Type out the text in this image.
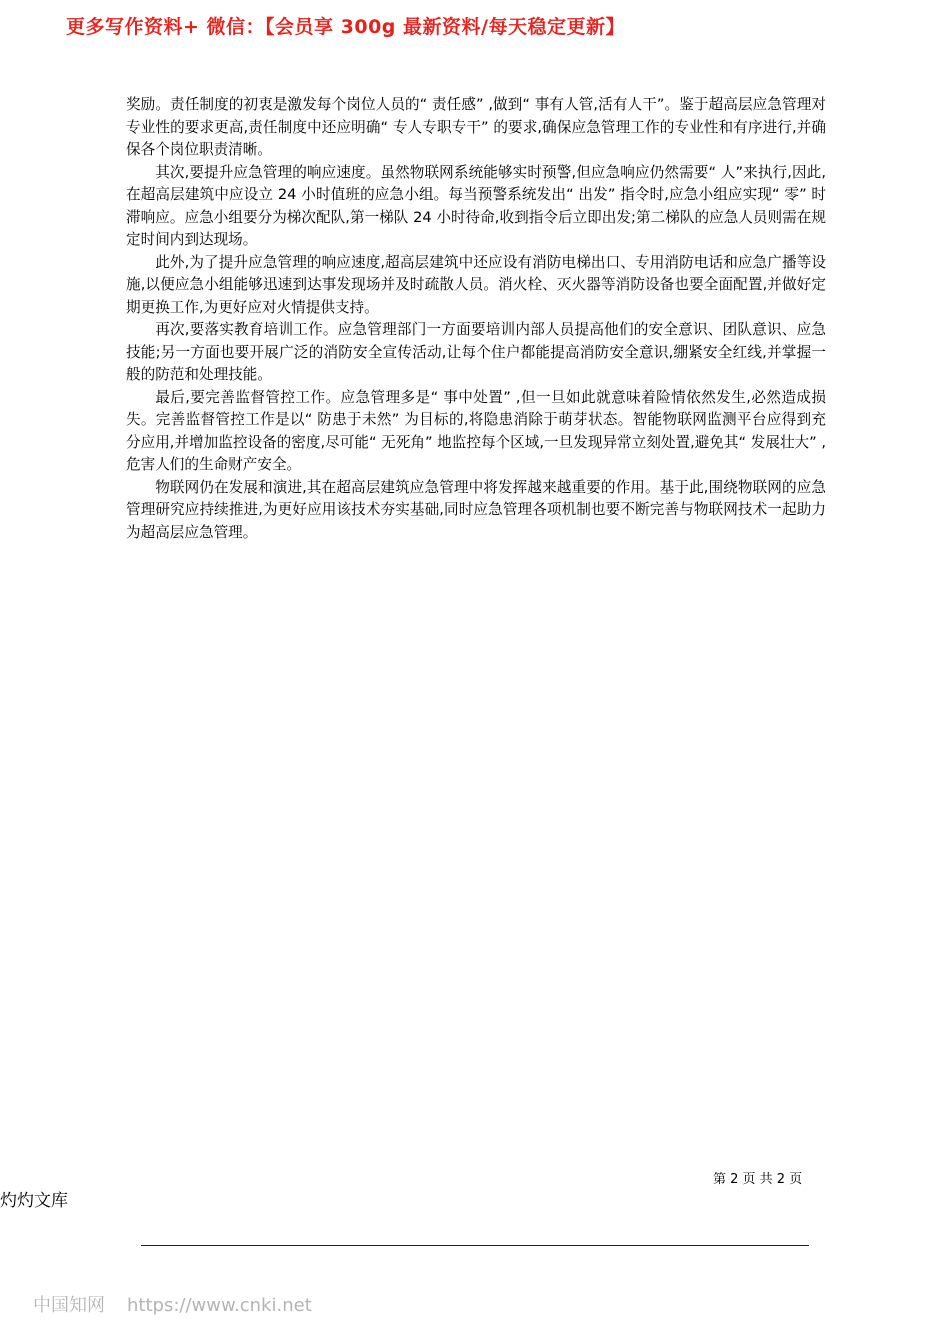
更多写作资料+ 微信：【会员享 300g 最新资料/每天稳定更新】

奖励。责任制度的初衷是激发每个岗位人员的“ 责任感” ,做到“ 事有人管,活有人干”。鉴于超高层应急管理对专业性的要求更高,责任制度中还应明确“ 专人专职专干” 的要求,确保应急管理工作的专业性和有序进行,并确保各个岗位职责清晰。

其次,要提升应急管理的响应速度。虽然物联网系统能够实时预警,但应急响应仍然需要“ 人”来执行,因此,在超高层建筑中应设立 24 小时值班的应急小组。每当预警系统发出“ 出发” 指令时,应急小组应实现“ 零” 时滞响应。应急小组要分为梯次配队,第一梯队 24 小时待命,收到指令后立即出发;第二梯队的应急人员则需在规定时间内到达现场。

此外,为了提升应急管理的响应速度,超高层建筑中还应设有消防电梯出口、专用消防电话和应急广播等设施,以便应急小组能够迅速到达事发现场并及时疏散人员。消火栓、灭火器等消防设备也要全面配置,并做好定期更换工作,为更好应对火情提供支持。

再次,要落实教育培训工作。应急管理部门一方面要培训内部人员提高他们的安全意识、团队意识、应急技能;另一方面也要开展广泛的消防安全宣传活动,让每个住户都能提高消防安全意识,绷紧安全红线,并掌握一般的防范和处理技能。

最后,要完善监督管控工作。应急管理多是“ 事中处置” ,但一旦如此就意味着险情依然发生,必然造成损失。完善监督管控工作是以“ 防患于未然” 为目标的,将隐患消除于萌芽状态。智能物联网监测平台应得到充分应用,并增加监控设备的密度,尽可能“ 无死角” 地监控每个区域,一旦发现异常立刻处置,避免其“ 发展壮大” ,危害人们的生命财产安全。

物联网仍在发展和演进,其在超高层建筑应急管理中将发挥越来越重要的作用。基于此,围绕物联网的应急管理研究应持续推进,为更好应用该技术夯实基础,同时应急管理各项机制也要不断完善与物联网技术一起助力为超高层应急管理。

第 2 页 共 2 页
灼灼文库
中国知网 https://www.cnki.net
